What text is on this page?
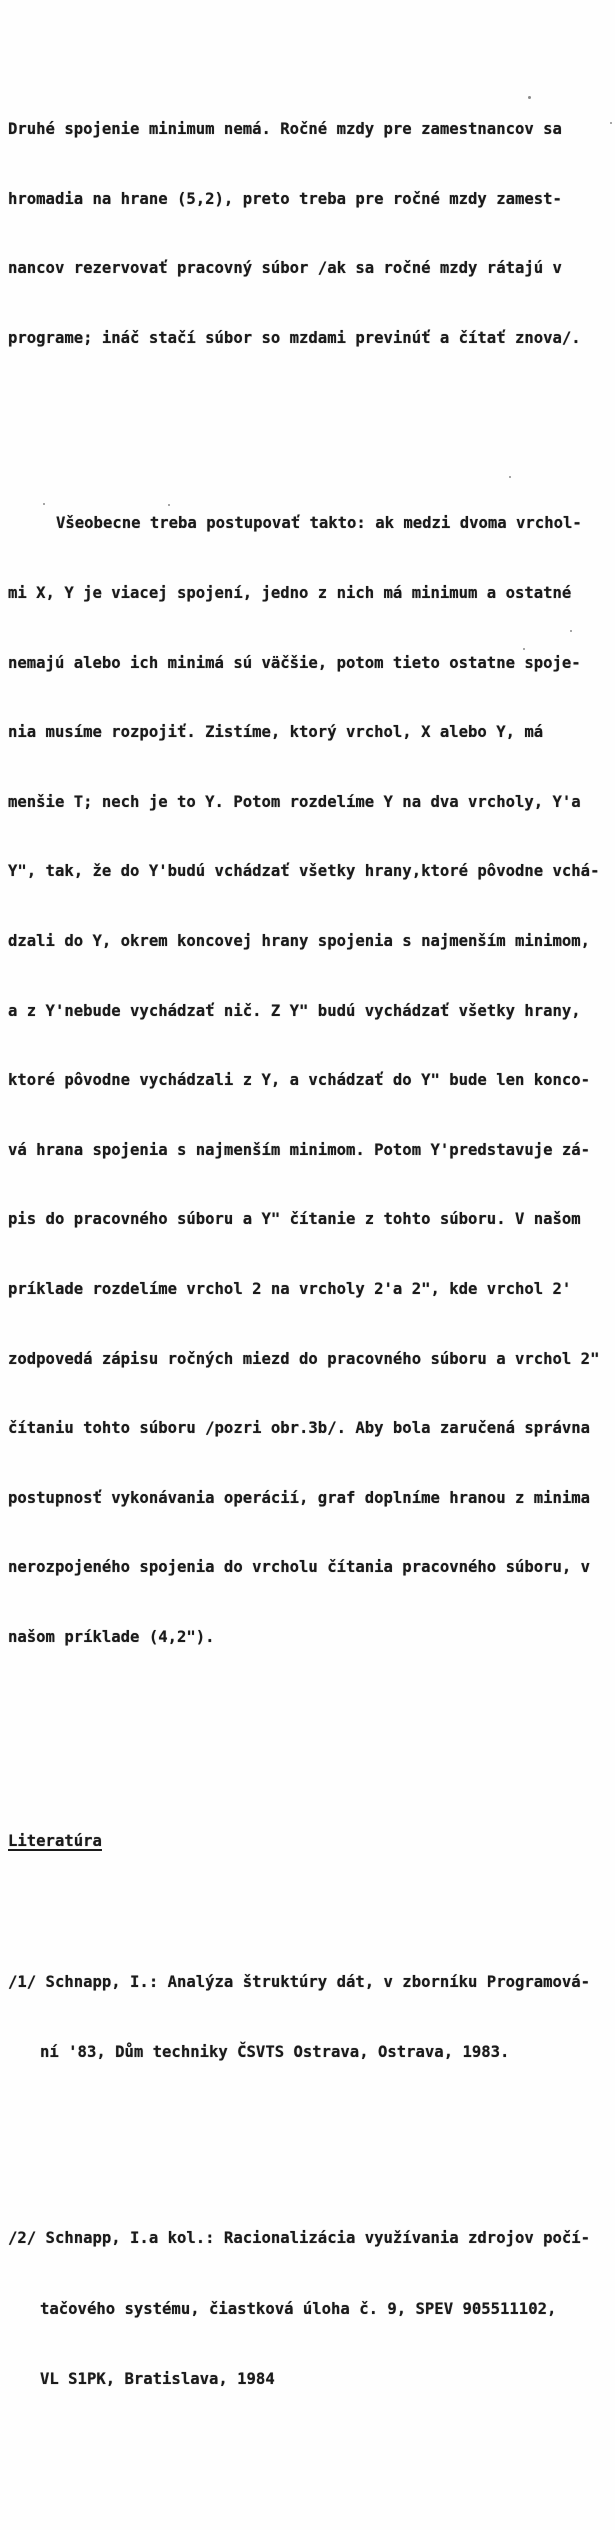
Druhé spojenie minimum nemá. Ročné mzdy pre zamestnancov sa

hromadia na hrane (5,2), preto treba pre ročné mzdy zamest-

nancov rezervovať pracovný súbor /ak sa ročné mzdy rátajú v

programe; ináč stačí súbor so mzdami previnúť a čítať znova/.

Všeobecne treba postupovať takto: ak medzi dvoma vrchol-

mi X, Y je viacej spojení, jedno z nich má minimum a ostatné

nemajú alebo ich minimá sú väčšie, potom tieto ostatne spoje-

nia musíme rozpojiť. Zistíme, ktorý vrchol, X alebo Y, má

menšie T; nech je to Y. Potom rozdelíme Y na dva vrcholy, Y'a

Y", tak, že do Y'budú vchádzať všetky hrany,ktoré pôvodne vchá-

dzali do Y, okrem koncovej hrany spojenia s najmenším minimom,

a z Y'nebude vychádzať nič. Z Y" budú vychádzať všetky hrany,

ktoré pôvodne vychádzali z Y, a vchádzať do Y" bude len konco-

vá hrana spojenia s najmenším minimom. Potom Y'predstavuje zá-

pis do pracovného súboru a Y" čítanie z tohto súboru. V našom

príklade rozdelíme vrchol 2 na vrcholy 2'a 2", kde vrchol 2'

zodpovedá zápisu ročných miezd do pracovného súboru a vrchol 2"

čítaniu tohto súboru /pozri obr.3b/. Aby bola zaručená správna

postupnosť vykonávania operácií, graf doplníme hranou z minima

nerozpojeného spojenia do vrcholu čítania pracovného súboru, v

našom príklade (4,2").

Literatúra

/1/ Schnapp, I.: Analýza štruktúry dát, v zborníku Programová-

ní '83, Dům techniky ČSVTS Ostrava, Ostrava, 1983.

/2/ Schnapp, I.a kol.: Racionalizácia využívania zdrojov počí-

tačového systému, čiastková úloha č. 9, SPEV 905511102,

VL S1PK, Bratislava, 1984
